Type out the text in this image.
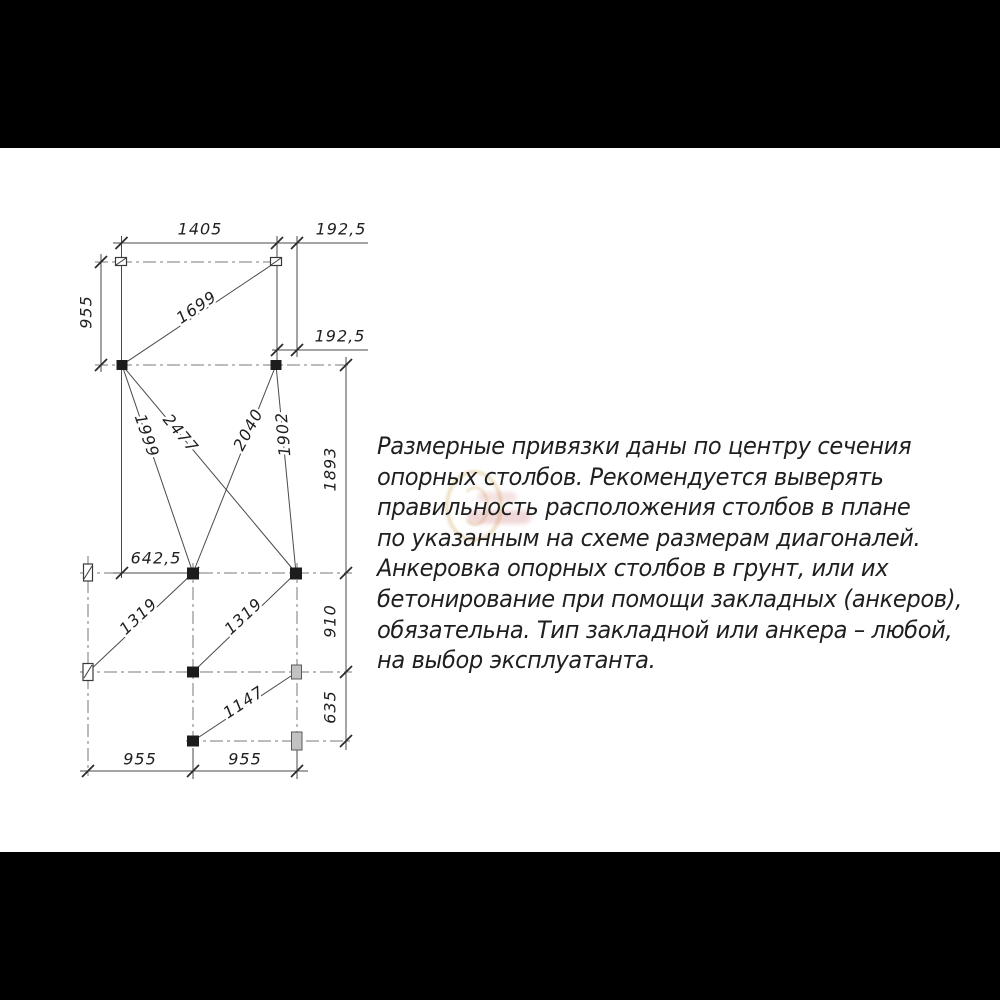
1405	192,5
192,5
955	1699
1999
2477 2040 1902
1893
642,5
1319	1319	910
1147	635
955	955

Размерные привязки даны по центру сечения

опорных столбов. Рекомендуется выверять

правильность расположения столбов в плане

по указанным на схеме размерам диагоналей.

Анкеровка опорных столбов в грунт, или их

бетонирование при помощи закладных (анкеров),

обязательна. Тип закладной или анкера – любой,

на выбор эксплуатанта.
